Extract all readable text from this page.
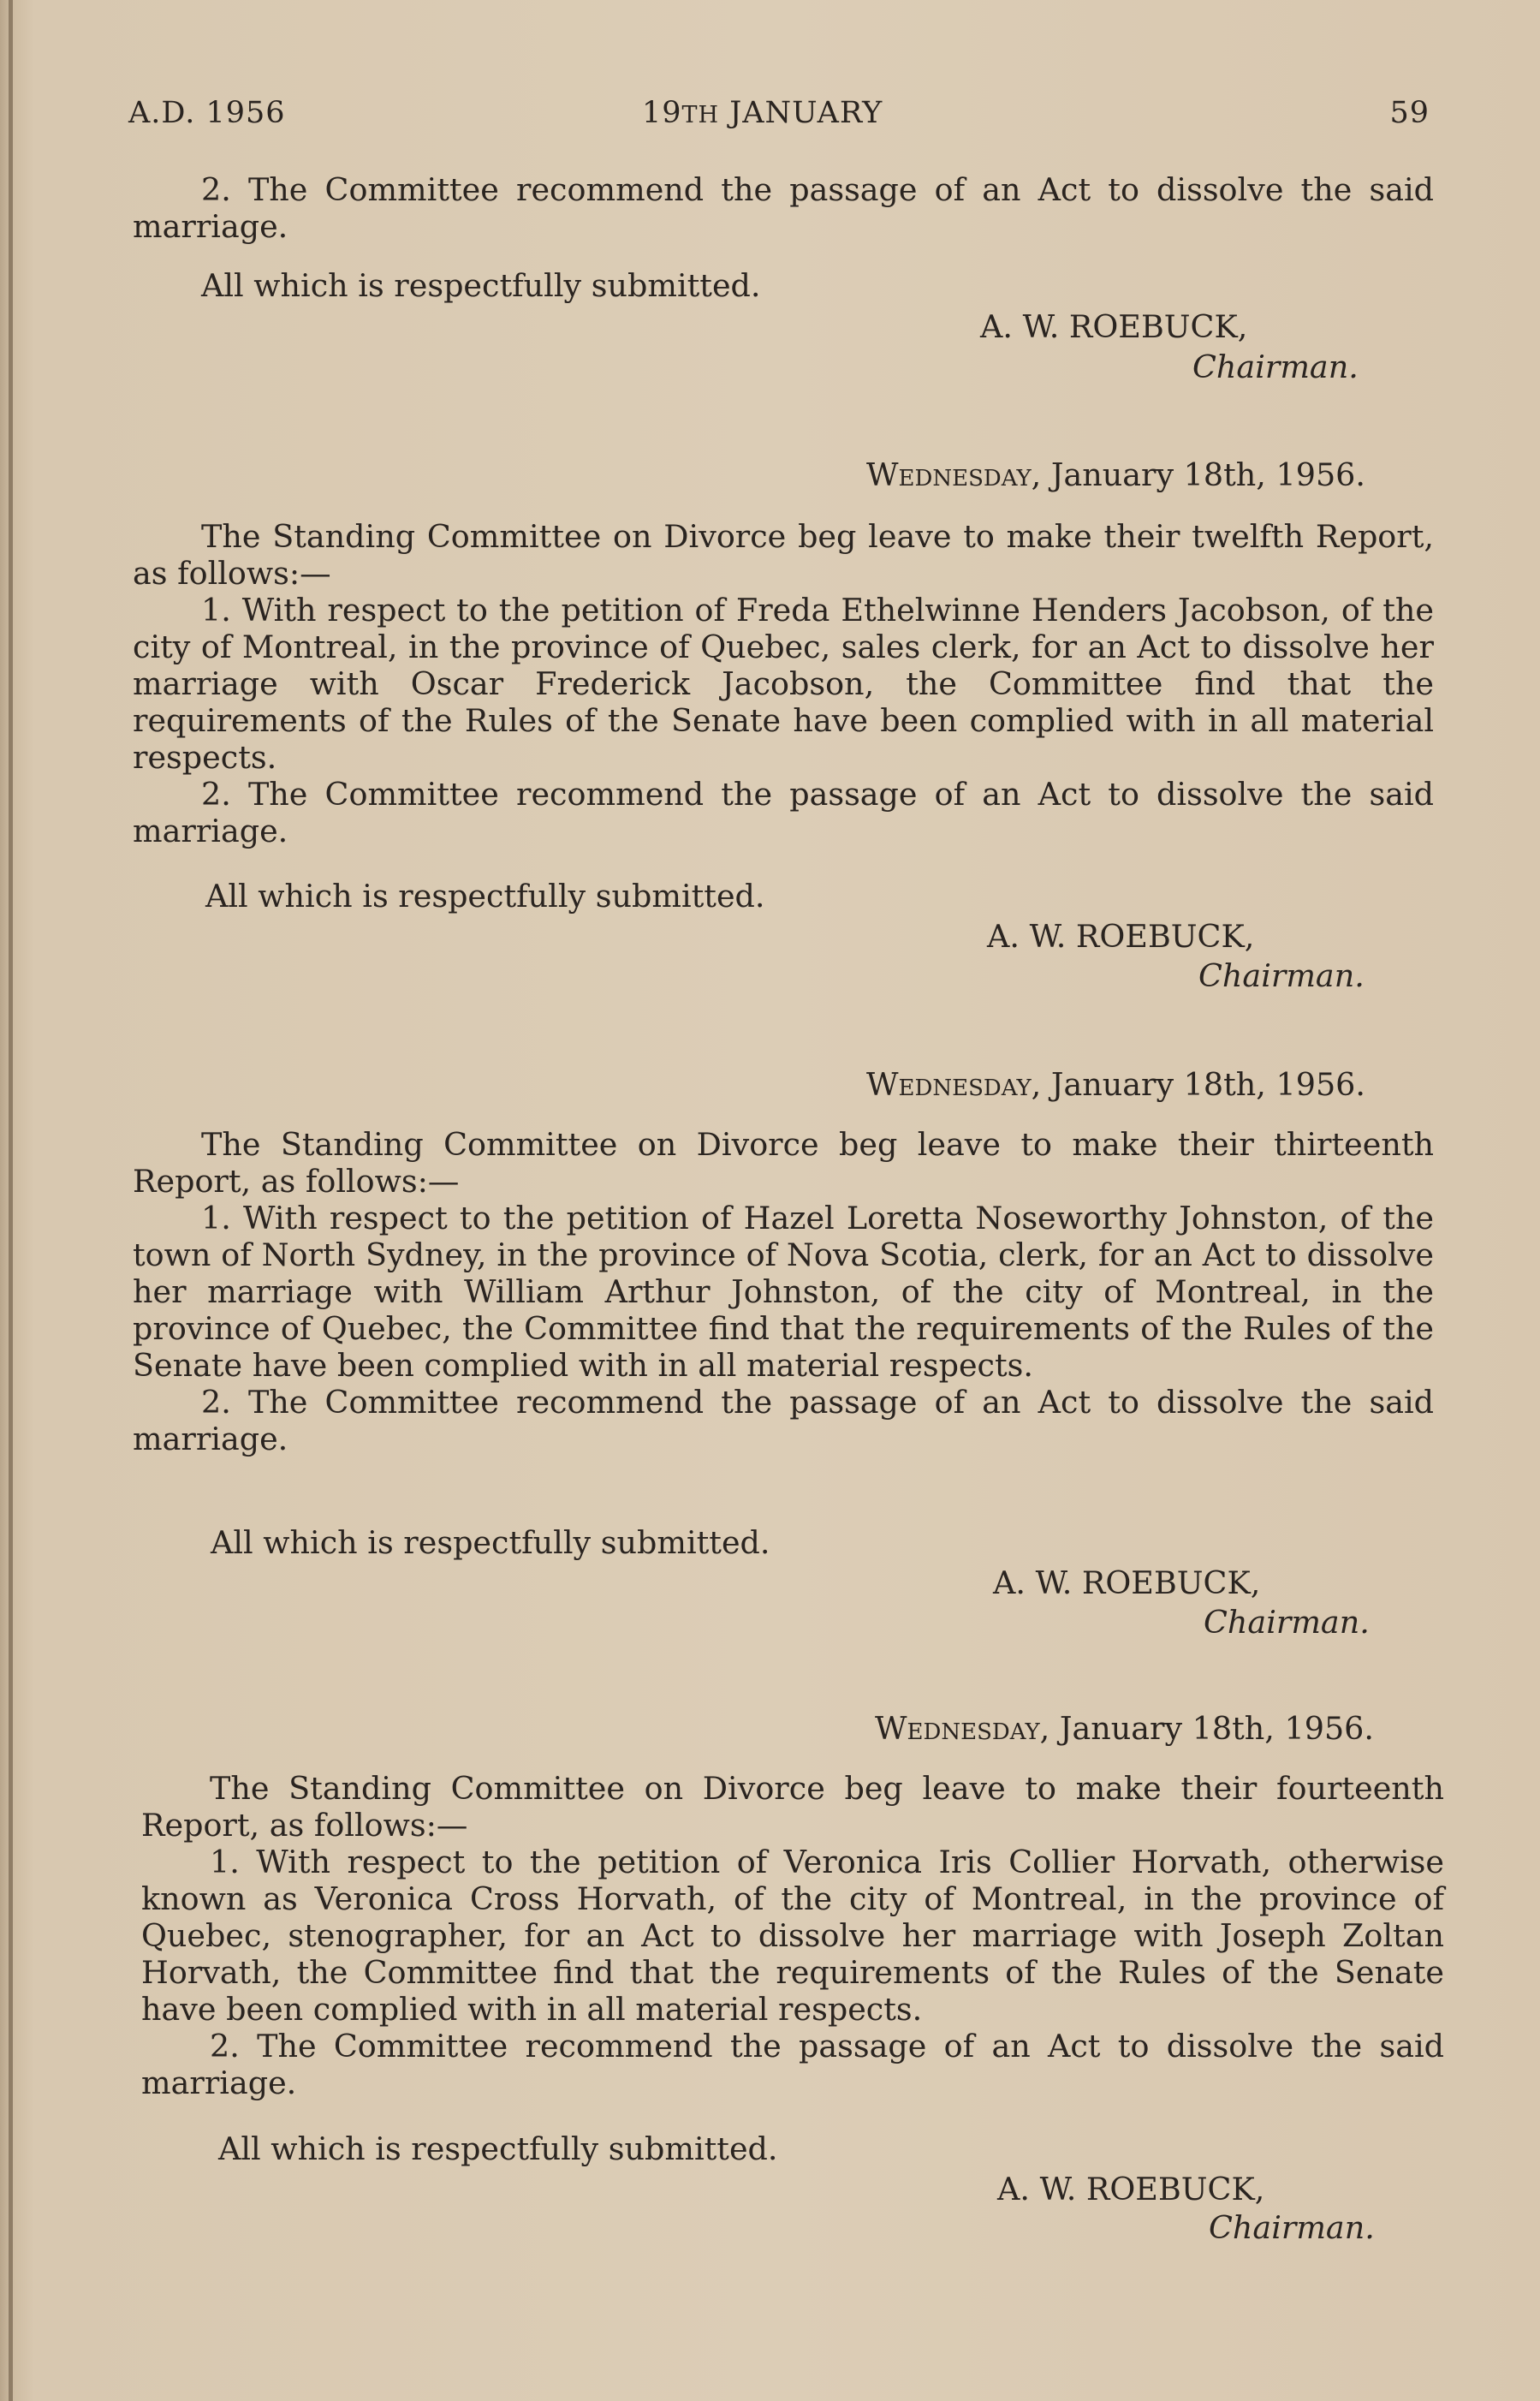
A.D. 1956	19TH JANUARY	59

2. The Committee recommend the passage of an Act to dissolve the said marriage.

All which is respectfully submitted.
A. W. ROEBUCK,
Chairman.
Wednesday, January 18th, 1956.

The Standing Committee on Divorce beg leave to make their twelfth Report, as follows:—

1. With respect to the petition of Freda Ethelwinne Henders Jacobson, of the city of Montreal, in the province of Quebec, sales clerk, for an Act to dissolve her marriage with Oscar Frederick Jacobson, the Committee find that the requirements of the Rules of the Senate have been complied with in all material respects.

2. The Committee recommend the passage of an Act to dissolve the said marriage.

All which is respectfully submitted.
A. W. ROEBUCK,
Chairman.
Wednesday, January 18th, 1956.

The Standing Committee on Divorce beg leave to make their thirteenth Report, as follows:—

1. With respect to the petition of Hazel Loretta Noseworthy Johnston, of the town of North Sydney, in the province of Nova Scotia, clerk, for an Act to dissolve her marriage with William Arthur Johnston, of the city of Montreal, in the province of Quebec, the Committee find that the requirements of the Rules of the Senate have been complied with in all material respects.

2. The Committee recommend the passage of an Act to dissolve the said marriage.

All which is respectfully submitted.
A. W. ROEBUCK,
Chairman.
Wednesday, January 18th, 1956.

The Standing Committee on Divorce beg leave to make their fourteenth Report, as follows:—

1. With respect to the petition of Veronica Iris Collier Horvath, otherwise known as Veronica Cross Horvath, of the city of Montreal, in the province of Quebec, stenographer, for an Act to dissolve her marriage with Joseph Zoltan Horvath, the Committee find that the requirements of the Rules of the Senate have been complied with in all material respects.

2. The Committee recommend the passage of an Act to dissolve the said marriage.

All which is respectfully submitted.
A. W. ROEBUCK,
Chairman.
